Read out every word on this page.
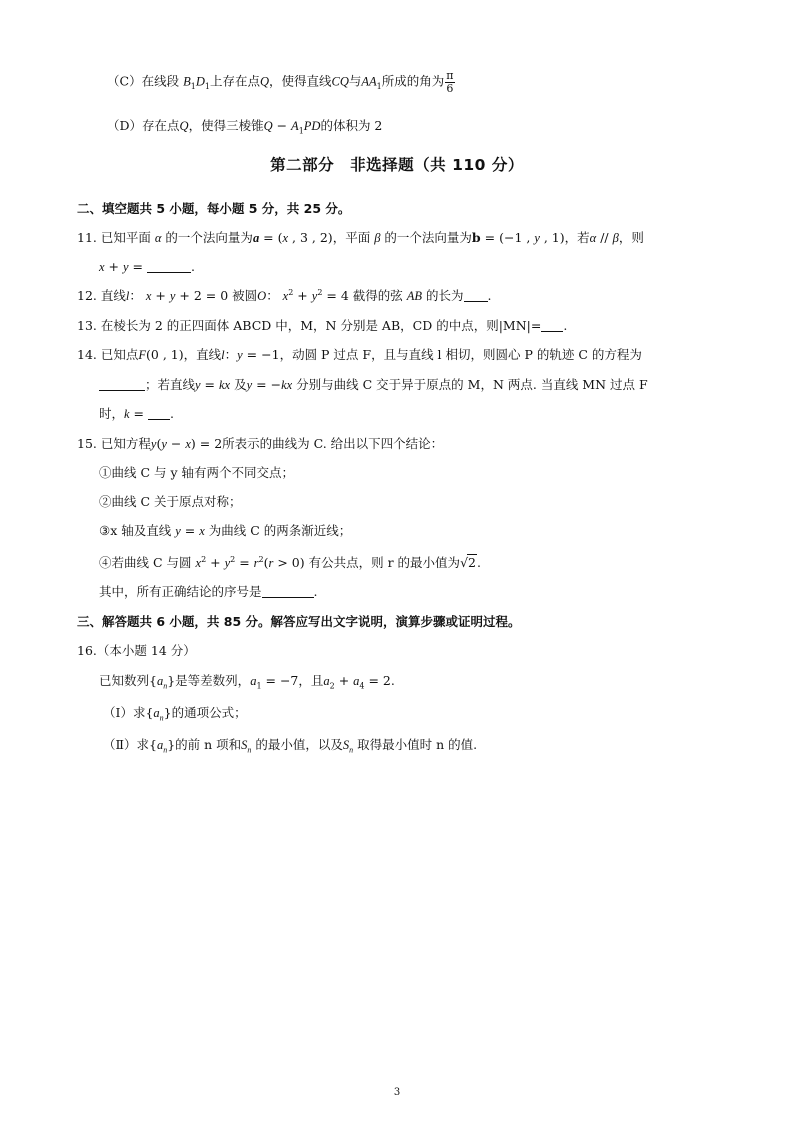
（C）在线段 $B_1D_1$上存在点Q，使得直线CQ与$AA_1$所成的角为 $\frac{\pi}{6}$
（D）存在点Q，使得三棱锥$Q - A_1PD$的体积为 2
第二部分　非选择题（共 110 分）
二、填空题共 5 小题，每小题 5 分，共 25 分。
11. 已知平面 α 的一个法向量为a = (x , 3 , 2)，平面 β 的一个法向量为b = (−1 , y , 1)，若α // β，则
x + y =	.
12. 直线l： x + y + 2 = 0 被圆O： $x^2 + y^2 = 4$ 截得的弦 AB 的长为 .
13. 在棱长为 2 的正四面体 ABCD 中，M，N 分别是 AB，CD 的中点，则|MN|= .
14. 已知点F(0 , 1)，直线l：y = −1，动圆 P 过点 F，且与直线 l 相切，则圆心 P 的轨迹 C 的方程为
；若直线y = kx 及y = −kx 分别与曲线 C 交于异于原点的 M，N 两点. 当直线 MN 过点 F
时，k = .
15. 已知方程y(y − x) = 2所表示的曲线为 C. 给出以下四个结论：
①曲线 C 与 y 轴有两个不同交点；
②曲线 C 关于原点对称；
③x 轴及直线 y = x 为曲线 C 的两条渐近线；
④若曲线 C 与圆 $x^2 + y^2 = r^2(r > 0)$ 有公共点，则 r 的最小值为√2.
其中，所有正确结论的序号是	.
三、解答题共 6 小题，共 85 分。解答应写出文字说明，演算步骤或证明过程。
16.（本小题 14 分）
已知数列$\{a_n\}$是等差数列，$a_1 = -7$，且$a_2 + a_4 = 2$.
（Ⅰ）求$\{a_n\}$的通项公式；
（Ⅱ）求$\{a_n\}$的前 n 项和$S_n$ 的最小值，以及$S_n$ 取得最小值时 n 的值.
3
